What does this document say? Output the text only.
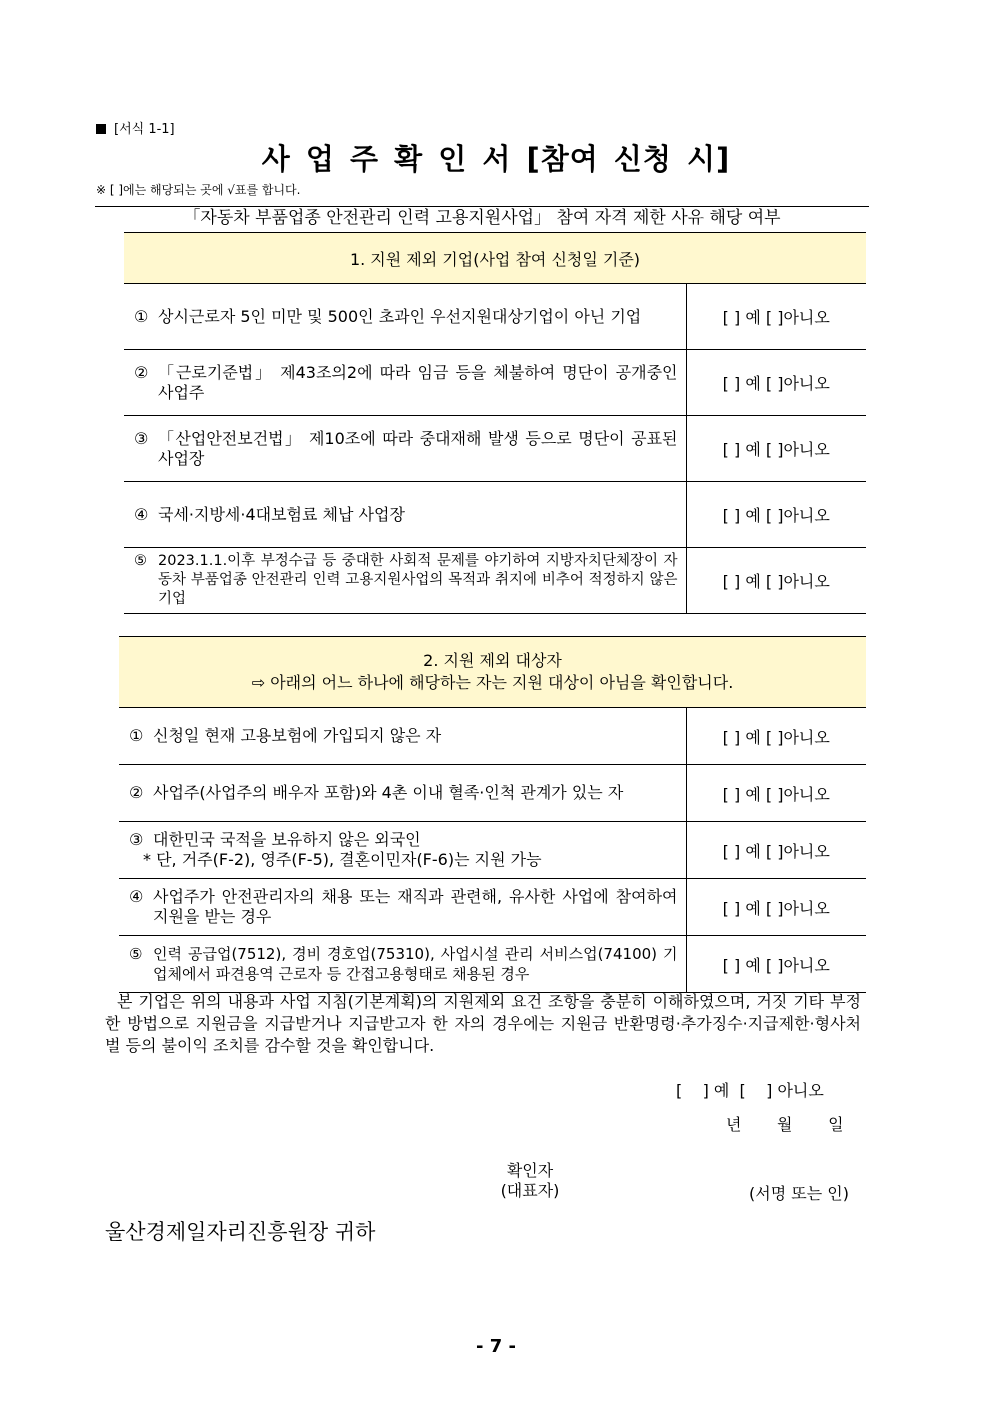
[서식 1-1]
사 업 주 확 인 서 [참여 신청 시]
※ [ ]에는 해당되는 곳에 √표를 합니다.
「자동차 부품업종 안전관리 인력 고용지원사업」 참여 자격 제한 사유 해당 여부
1. 지원 제외 기업(사업 참여 신청일 기준)	

① 상시근로자 5인 미만 및 500인 초과인 우선지원대상기업이 아닌 기업	[ ] 예 [ ]아니오

② 「근로기준법」 제43조의2에 따라 임금 등을 체불하여 명단이 공개중인 사업주	[ ] 예 [ ]아니오

③ 「산업안전보건법」 제10조에 따라 중대재해 발생 등으로 명단이 공표된 사업장	[ ] 예 [ ]아니오

④ 국세·지방세·4대보험료 체납 사업장	[ ] 예 [ ]아니오

⑤ 2023.1.1.이후 부정수급 등 중대한 사회적 문제를 야기하여 지방자치단체장이 자동차 부품업종 안전관리 인력 고용지원사업의 목적과 취지에 비추어 적정하지 않은 기업	[ ] 예 [ ]아니오
2. 지원 제외 대상자
⇨ 아래의 어느 하나에 해당하는 자는 지원 대상이 아님을 확인합니다.	

① 신청일 현재 고용보험에 가입되지 않은 자	[ ] 예 [ ]아니오

② 사업주(사업주의 배우자 포함)와 4촌 이내 혈족·인척 관계가 있는 자	[ ] 예 [ ]아니오

③ 대한민국 국적을 보유하지 않은 외국인
* 단, 거주(F-2), 영주(F-5), 결혼이민자(F-6)는 지원 가능	[ ] 예 [ ]아니오

④ 사업주가 안전관리자의 채용 또는 재직과 관련해, 유사한 사업에 참여하여 지원을 받는 경우	[ ] 예 [ ]아니오

⑤ 인력 공급업(7512), 경비 경호업(75310), 사업시설 관리 서비스업(74100) 기업체에서 파견용역 근로자 등 간접고용형태로 채용된 경우	[ ] 예 [ ]아니오
본 기업은 위의 내용과 사업 지침(기본계획)의 지원제외 요건 조항을 충분히 이해하였으며, 거짓 기타 부정한 방법으로 지원금을 지급받거나 지급받고자 한 자의 경우에는 지원금 반환명령·추가징수·지급제한·형사처벌 등의 불이익 조치를 감수할 것을 확인합니다.
[    ] 예  [    ] 아니오
년       월       일
확인자
(대표자)	(서명 또는 인)
울산경제일자리진흥원장 귀하
- 7 -
